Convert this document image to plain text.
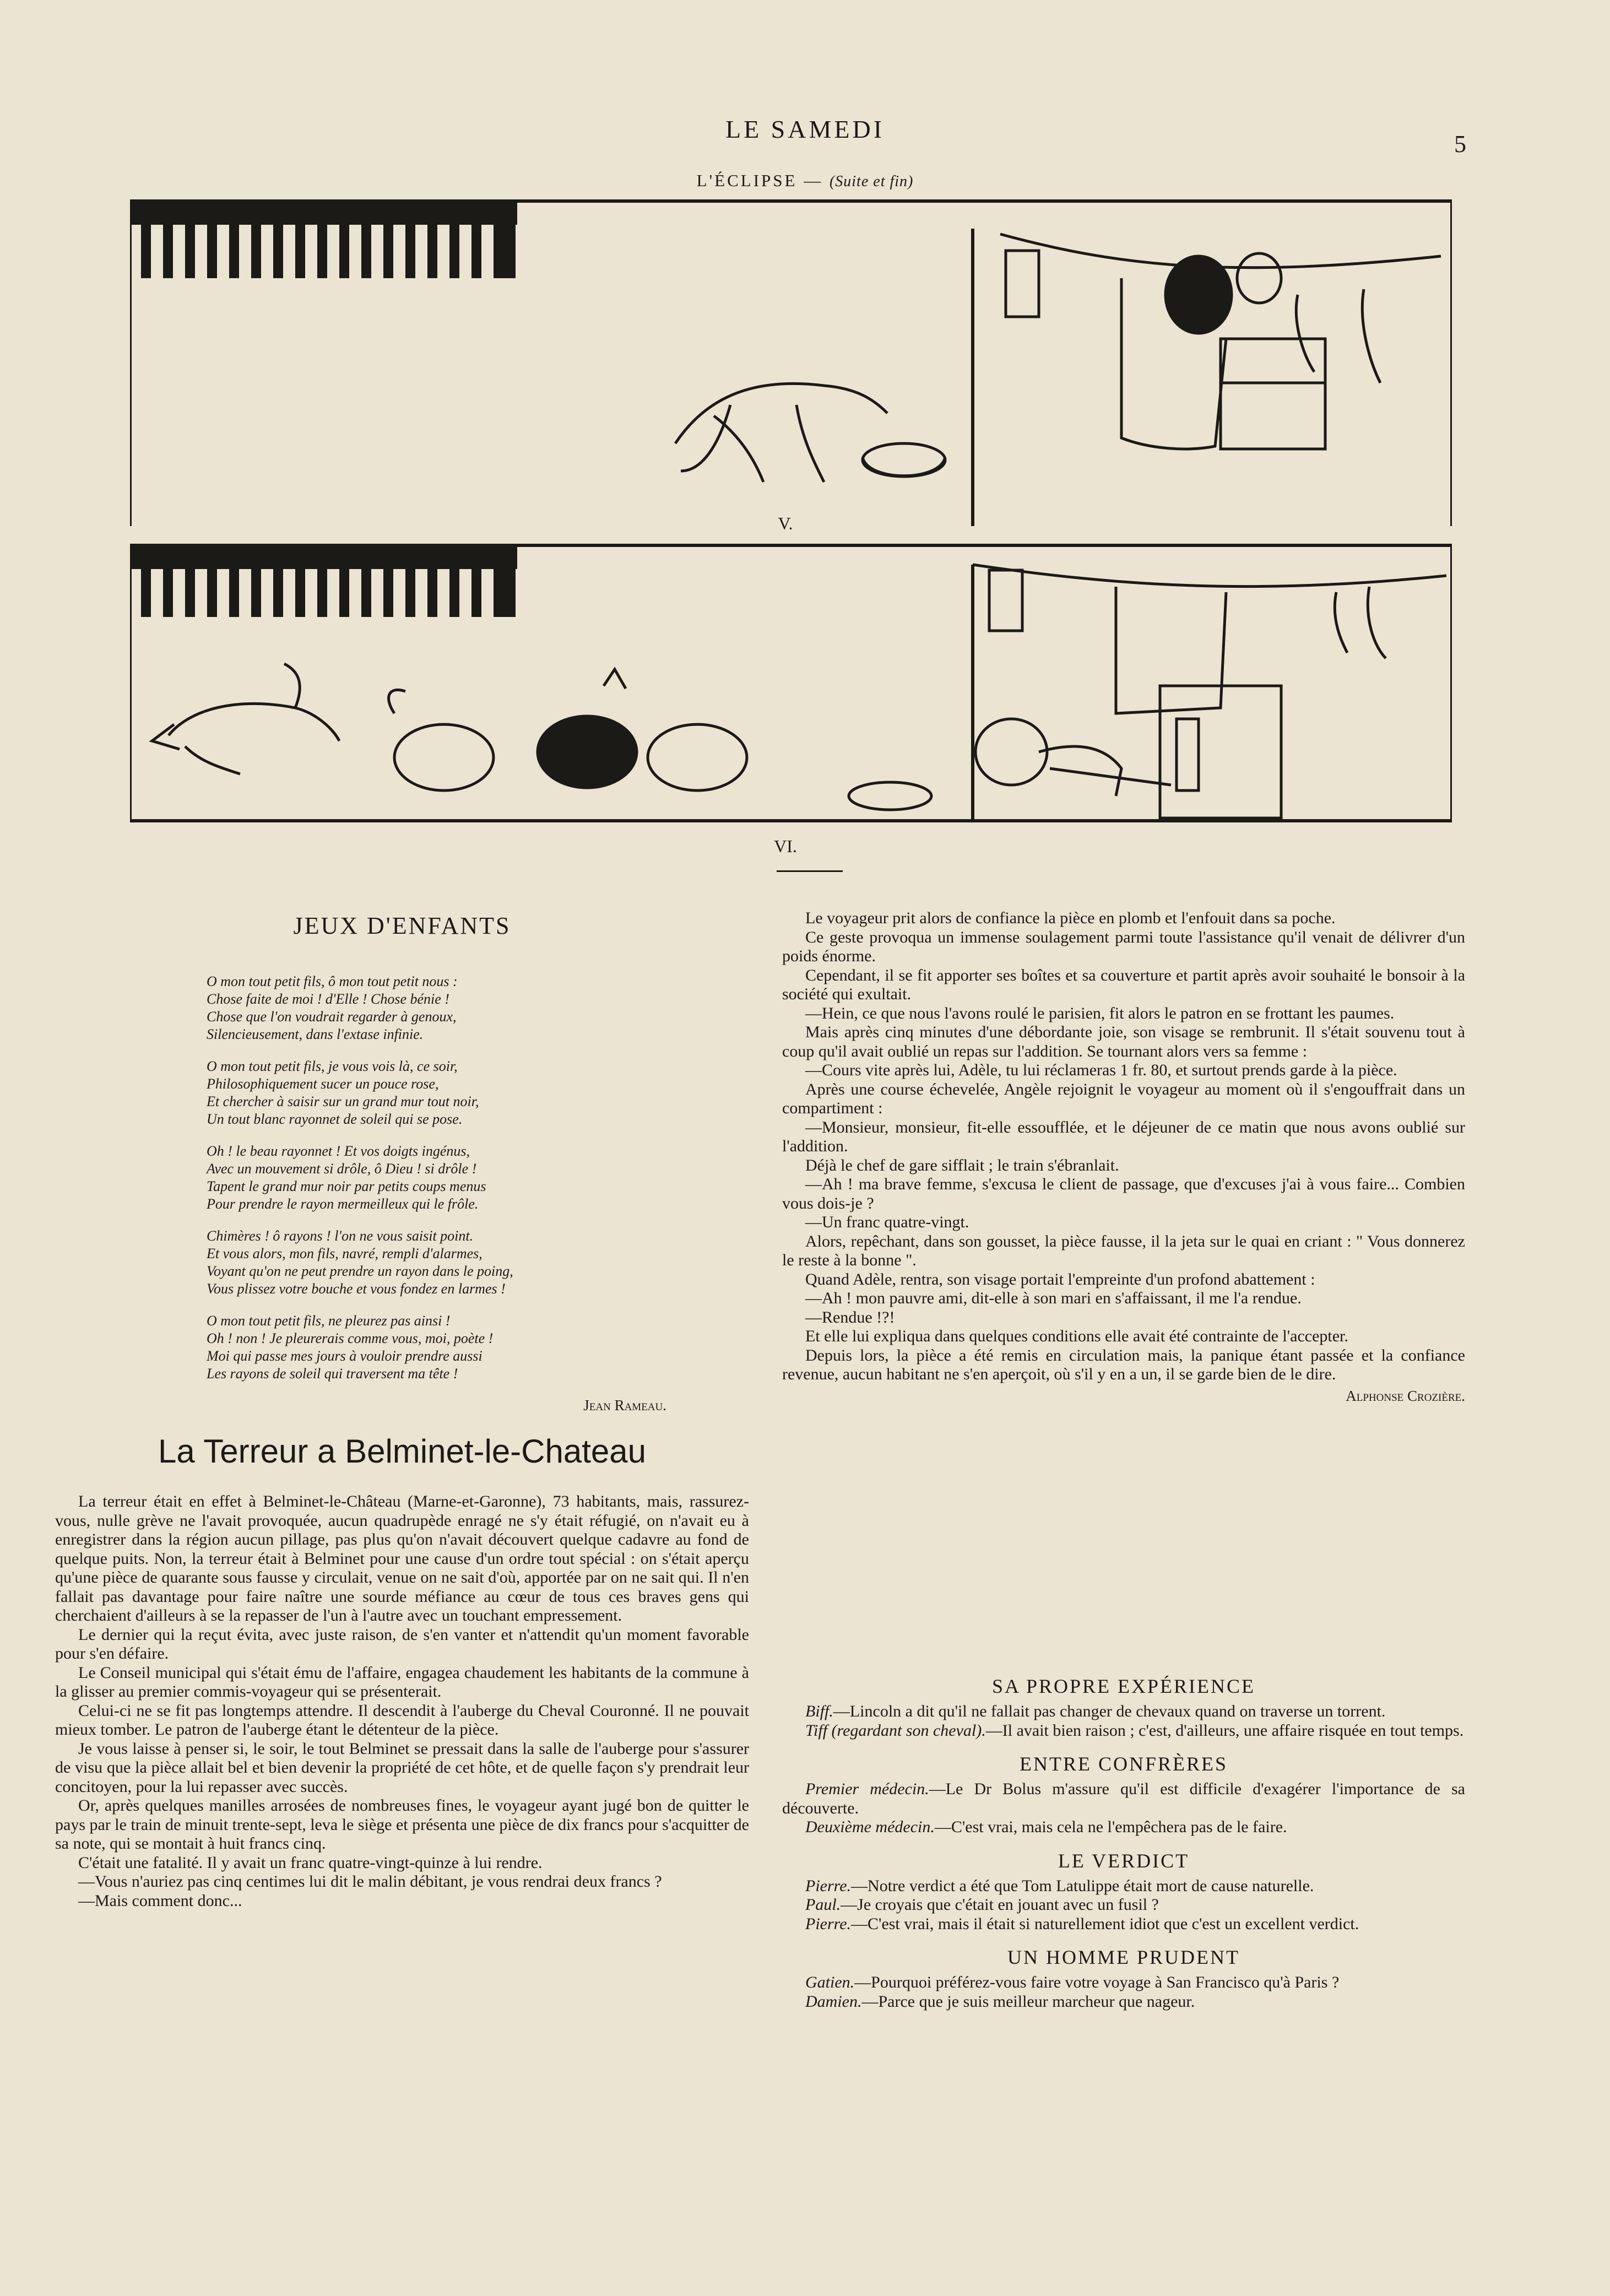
LE SAMEDI
5
L'ÉCLIPSE — (Suite et fin)
V.
VI.
JEUX D'ENFANTS
O mon tout petit fils, ô mon tout petit nous :
Chose faite de moi ! d'Elle ! Chose bénie !
Chose que l'on voudrait regarder à genoux,
Silencieusement, dans l'extase infinie.
O mon tout petit fils, je vous vois là, ce soir,
Philosophiquement sucer un pouce rose,
Et chercher à saisir sur un grand mur tout noir,
Un tout blanc rayonnet de soleil qui se pose.
Oh ! le beau rayonnet ! Et vos doigts ingénus,
Avec un mouvement si drôle, ô Dieu ! si drôle !
Tapent le grand mur noir par petits coups menus
Pour prendre le rayon mermeilleux qui le frôle.
Chimères ! ô rayons ! l'on ne vous saisit point.
Et vous alors, mon fils, navré, rempli d'alarmes,
Voyant qu'on ne peut prendre un rayon dans le poing,
Vous plissez votre bouche et vous fondez en larmes !
O mon tout petit fils, ne pleurez pas ainsi !
Oh ! non ! Je pleurerais comme vous, moi, poète !
Moi qui passe mes jours à vouloir prendre aussi
Les rayons de soleil qui traversent ma tête !
Jean Rameau.
La Terreur a Belminet-le-Chateau

La terreur était en effet à Belminet-le-Château (Marne-et-Garonne), 73 habitants, mais, rassurez-vous, nulle grève ne l'avait provoquée, aucun quadrupède enragé ne s'y était réfugié, on n'avait eu à enregistrer dans la région aucun pillage, pas plus qu'on n'avait découvert quelque cadavre au fond de quelque puits. Non, la terreur était à Belminet pour une cause d'un ordre tout spécial : on s'était aperçu qu'une pièce de quarante sous fausse y circulait, venue on ne sait d'où, apportée par on ne sait qui. Il n'en fallait pas davantage pour faire naître une sourde méfiance au cœur de tous ces braves gens qui cherchaient d'ailleurs à se la repasser de l'un à l'autre avec un touchant empressement.

Le dernier qui la reçut évita, avec juste raison, de s'en vanter et n'attendit qu'un moment favorable pour s'en défaire.

Le Conseil municipal qui s'était ému de l'affaire, engagea chaudement les habitants de la commune à la glisser au premier commis-voyageur qui se présenterait.

Celui-ci ne se fit pas longtemps attendre. Il descendit à l'auberge du Cheval Couronné. Il ne pouvait mieux tomber. Le patron de l'auberge étant le détenteur de la pièce.

Je vous laisse à penser si, le soir, le tout Belminet se pressait dans la salle de l'auberge pour s'assurer de visu que la pièce allait bel et bien devenir la propriété de cet hôte, et de quelle façon s'y prendrait leur concitoyen, pour la lui repasser avec succès.

Or, après quelques manilles arrosées de nombreuses fines, le voyageur ayant jugé bon de quitter le pays par le train de minuit trente-sept, leva le siège et présenta une pièce de dix francs pour s'acquitter de sa note, qui se montait à huit francs cinq.

C'était une fatalité. Il y avait un franc quatre-vingt-quinze à lui rendre.

—Vous n'auriez pas cinq centimes lui dit le malin débitant, je vous rendrai deux francs ?

—Mais comment donc...

Le voyageur prit alors de confiance la pièce en plomb et l'enfouit dans sa poche.

Ce geste provoqua un immense soulagement parmi toute l'assistance qu'il venait de délivrer d'un poids énorme.

Cependant, il se fit apporter ses boîtes et sa couverture et partit après avoir souhaité le bonsoir à la société qui exultait.

—Hein, ce que nous l'avons roulé le parisien, fit alors le patron en se frottant les paumes.

Mais après cinq minutes d'une débordante joie, son visage se rembrunit. Il s'était souvenu tout à coup qu'il avait oublié un repas sur l'addition. Se tournant alors vers sa femme :

—Cours vite après lui, Adèle, tu lui réclameras 1 fr. 80, et surtout prends garde à la pièce.

Après une course échevelée, Angèle rejoignit le voyageur au moment où il s'engouffrait dans un compartiment :

—Monsieur, monsieur, fit-elle essoufflée, et le déjeuner de ce matin que nous avons oublié sur l'addition.

Déjà le chef de gare sifflait ; le train s'ébranlait.

—Ah ! ma brave femme, s'excusa le client de passage, que d'excuses j'ai à vous faire... Combien vous dois-je ?

—Un franc quatre-vingt.

Alors, repêchant, dans son gousset, la pièce fausse, il la jeta sur le quai en criant : " Vous donnerez le reste à la bonne ".

Quand Adèle, rentra, son visage portait l'empreinte d'un profond abattement :

—Ah ! mon pauvre ami, dit-elle à son mari en s'affaissant, il me l'a rendue.

—Rendue !?!

Et elle lui expliqua dans quelques conditions elle avait été contrainte de l'accepter.

Depuis lors, la pièce a été remis en circulation mais, la panique étant passée et la confiance revenue, aucun habitant ne s'en aperçoit, où s'il y en a un, il se garde bien de le dire.

Alphonse Crozière.
SA PROPRE EXPÉRIENCE

Biff.—Lincoln a dit qu'il ne fallait pas changer de chevaux quand on traverse un torrent.

Tiff (regardant son cheval).—Il avait bien raison ; c'est, d'ailleurs, une affaire risquée en tout temps.

ENTRE CONFRÈRES

Premier médecin.—Le Dr Bolus m'assure qu'il est difficile d'exagérer l'importance de sa découverte.

Deuxième médecin.—C'est vrai, mais cela ne l'empêchera pas de le faire.

LE VERDICT

Pierre.—Notre verdict a été que Tom Latulippe était mort de cause naturelle.

Paul.—Je croyais que c'était en jouant avec un fusil ?

Pierre.—C'est vrai, mais il était si naturellement idiot que c'est un excellent verdict.

UN HOMME PRUDENT

Gatien.—Pourquoi préférez-vous faire votre voyage à San Francisco qu'à Paris ?

Damien.—Parce que je suis meilleur marcheur que nageur.
